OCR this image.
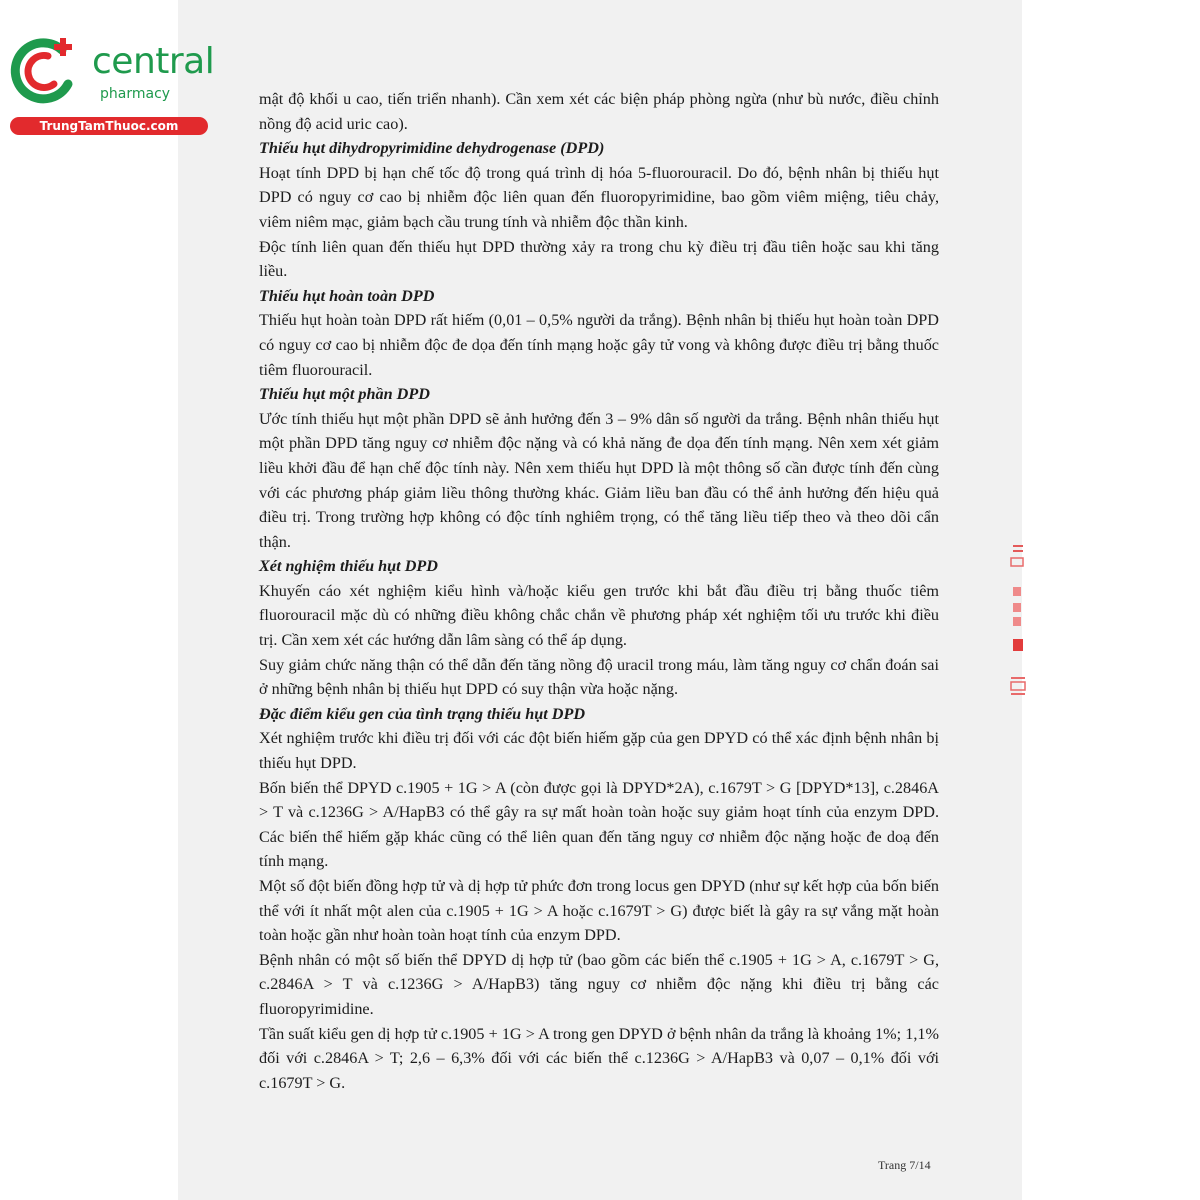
central
pharmacy
TrungTamThuoc.com

mật độ khối u cao, tiến triển nhanh). Cần xem xét các biện pháp phòng ngừa (như bù nước, điều chỉnh nồng độ acid uric cao).

Thiếu hụt dihydropyrimidine dehydrogenase (DPD)

Hoạt tính DPD bị hạn chế tốc độ trong quá trình dị hóa 5-fluorouracil. Do đó, bệnh nhân bị thiếu hụt DPD có nguy cơ cao bị nhiễm độc liên quan đến fluoropyrimidine, bao gồm viêm miệng, tiêu chảy, viêm niêm mạc, giảm bạch cầu trung tính và nhiễm độc thần kinh.

Độc tính liên quan đến thiếu hụt DPD thường xảy ra trong chu kỳ điều trị đầu tiên hoặc sau khi tăng liều.

Thiếu hụt hoàn toàn DPD

Thiếu hụt hoàn toàn DPD rất hiếm (0,01 – 0,5% người da trắng). Bệnh nhân bị thiếu hụt hoàn toàn DPD có nguy cơ cao bị nhiễm độc đe dọa đến tính mạng hoặc gây tử vong và không được điều trị bằng thuốc tiêm fluorouracil.

Thiếu hụt một phần DPD

Ước tính thiếu hụt một phần DPD sẽ ảnh hưởng đến 3 – 9% dân số người da trắng. Bệnh nhân thiếu hụt một phần DPD tăng nguy cơ nhiễm độc nặng và có khả năng đe dọa đến tính mạng. Nên xem xét giảm liều khởi đầu để hạn chế độc tính này. Nên xem thiếu hụt DPD là một thông số cần được tính đến cùng với các phương pháp giảm liều thông thường khác. Giảm liều ban đầu có thể ảnh hưởng đến hiệu quả điều trị. Trong trường hợp không có độc tính nghiêm trọng, có thể tăng liều tiếp theo và theo dõi cẩn thận.

Xét nghiệm thiếu hụt DPD

Khuyến cáo xét nghiệm kiểu hình và/hoặc kiểu gen trước khi bắt đầu điều trị bằng thuốc tiêm fluorouracil mặc dù có những điều không chắc chắn về phương pháp xét nghiệm tối ưu trước khi điều trị. Cần xem xét các hướng dẫn lâm sàng có thể áp dụng.

Suy giảm chức năng thận có thể dẫn đến tăng nồng độ uracil trong máu, làm tăng nguy cơ chẩn đoán sai ở những bệnh nhân bị thiếu hụt DPD có suy thận vừa hoặc nặng.

Đặc điểm kiểu gen của tình trạng thiếu hụt DPD

Xét nghiệm trước khi điều trị đối với các đột biến hiếm gặp của gen DPYD có thể xác định bệnh nhân bị thiếu hụt DPD.

Bốn biến thể DPYD c.1905 + 1G > A (còn được gọi là DPYD*2A), c.1679T > G [DPYD*13], c.2846A > T và c.1236G > A/HapB3 có thể gây ra sự mất hoàn toàn hoặc suy giảm hoạt tính của enzym DPD. Các biến thể hiếm gặp khác cũng có thể liên quan đến tăng nguy cơ nhiễm độc nặng hoặc đe doạ đến tính mạng.

Một số đột biến đồng hợp tử và dị hợp tử phức đơn trong locus gen DPYD (như sự kết hợp của bốn biến thể với ít nhất một alen của c.1905 + 1G > A hoặc c.1679T > G) được biết là gây ra sự vắng mặt hoàn toàn hoặc gần như hoàn toàn hoạt tính của enzym DPD.

Bệnh nhân có một số biến thể DPYD dị hợp tử (bao gồm các biến thể c.1905 + 1G > A, c.1679T > G, c.2846A > T và c.1236G > A/HapB3) tăng nguy cơ nhiễm độc nặng khi điều trị bằng các fluoropyrimidine.

Tần suất kiểu gen dị hợp tử c.1905 + 1G > A trong gen DPYD ở bệnh nhân da trắng là khoảng 1%; 1,1% đối với c.2846A > T; 2,6 – 6,3% đối với các biến thể c.1236G > A/HapB3 và 0,07 – 0,1% đối với c.1679T > G.

Trang 7/14
